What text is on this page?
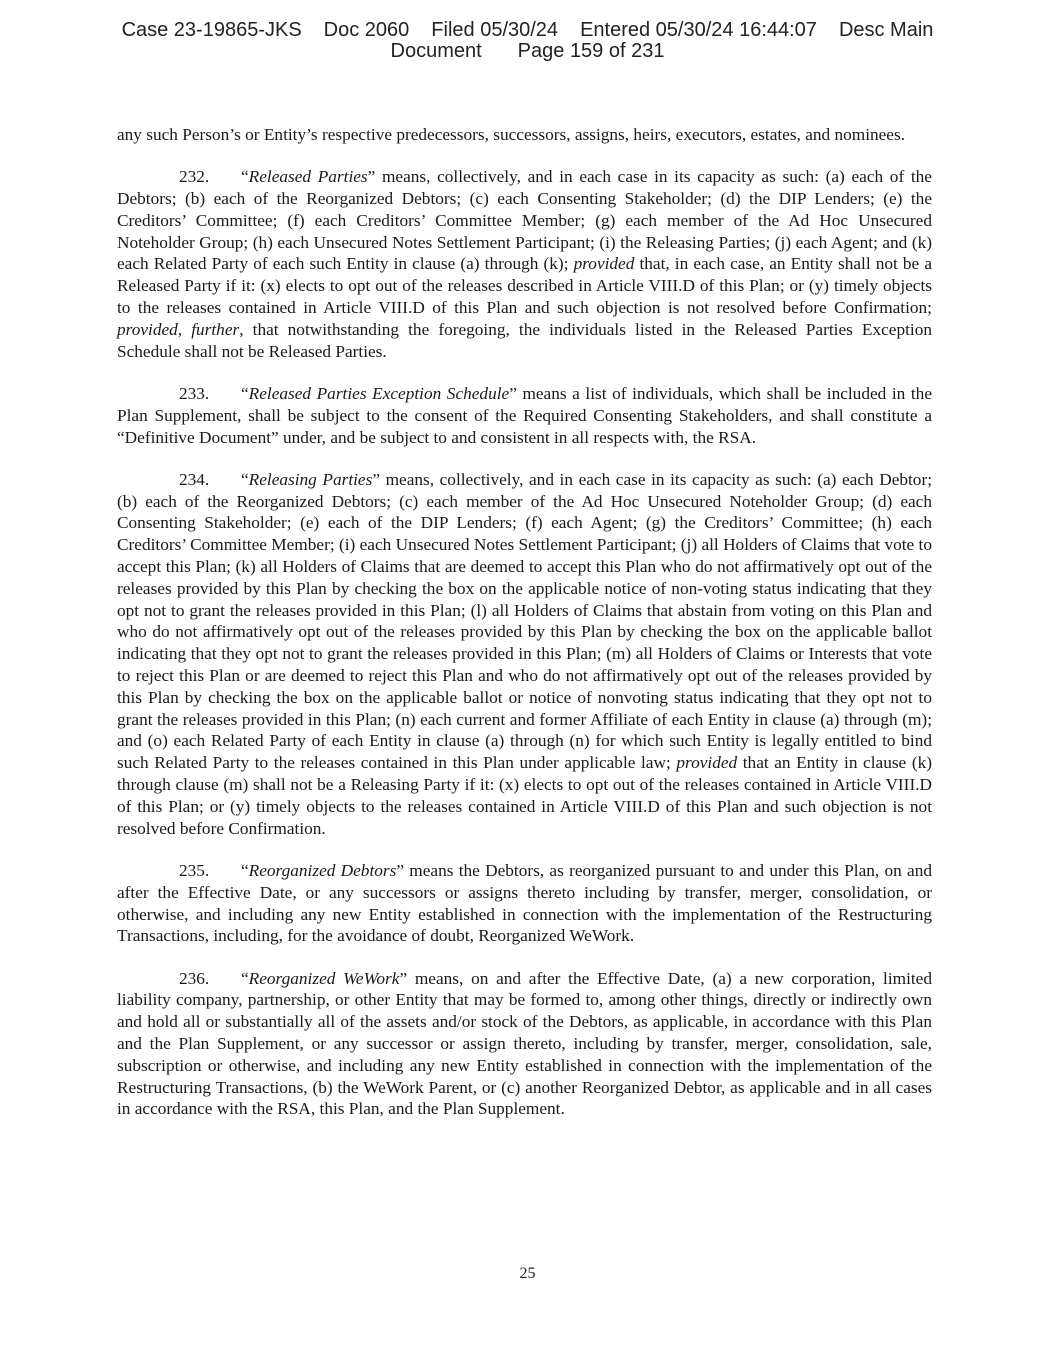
Case 23-19865-JKS Doc 2060 Filed 05/30/24 Entered 05/30/24 16:44:07 Desc Main
Document Page 159 of 231

any such Person’s or Entity’s respective predecessors, successors, assigns, heirs, executors, estates, and nominees.

232. “Released Parties” means, collectively, and in each case in its capacity as such: (a) each of the Debtors; (b) each of the Reorganized Debtors; (c) each Consenting Stakeholder; (d) the DIP Lenders; (e) the Creditors’ Committee; (f) each Creditors’ Committee Member; (g) each member of the Ad Hoc Unsecured Noteholder Group; (h) each Unsecured Notes Settlement Participant; (i) the Releasing Parties; (j) each Agent; and (k) each Related Party of each such Entity in clause (a) through (k); provided that, in each case, an Entity shall not be a Released Party if it: (x) elects to opt out of the releases described in Article VIII.D of this Plan; or (y) timely objects to the releases contained in Article VIII.D of this Plan and such objection is not resolved before Confirmation; provided, further, that notwithstanding the foregoing, the individuals listed in the Released Parties Exception Schedule shall not be Released Parties.

233. “Released Parties Exception Schedule” means a list of individuals, which shall be included in the Plan Supplement, shall be subject to the consent of the Required Consenting Stakeholders, and shall constitute a “Definitive Document” under, and be subject to and consistent in all respects with, the RSA.

234. “Releasing Parties” means, collectively, and in each case in its capacity as such: (a) each Debtor; (b) each of the Reorganized Debtors; (c) each member of the Ad Hoc Unsecured Noteholder Group; (d) each Consenting Stakeholder; (e) each of the DIP Lenders; (f) each Agent; (g) the Creditors’ Committee; (h) each Creditors’ Committee Member; (i) each Unsecured Notes Settlement Participant; (j) all Holders of Claims that vote to accept this Plan; (k) all Holders of Claims that are deemed to accept this Plan who do not affirmatively opt out of the releases provided by this Plan by checking the box on the applicable notice of non-voting status indicating that they opt not to grant the releases provided in this Plan; (l) all Holders of Claims that abstain from voting on this Plan and who do not affirmatively opt out of the releases provided by this Plan by checking the box on the applicable ballot indicating that they opt not to grant the releases provided in this Plan; (m) all Holders of Claims or Interests that vote to reject this Plan or are deemed to reject this Plan and who do not affirmatively opt out of the releases provided by this Plan by checking the box on the applicable ballot or notice of nonvoting status indicating that they opt not to grant the releases provided in this Plan; (n) each current and former Affiliate of each Entity in clause (a) through (m); and (o) each Related Party of each Entity in clause (a) through (n) for which such Entity is legally entitled to bind such Related Party to the releases contained in this Plan under applicable law; provided that an Entity in clause (k) through clause (m) shall not be a Releasing Party if it: (x) elects to opt out of the releases contained in Article VIII.D of this Plan; or (y) timely objects to the releases contained in Article VIII.D of this Plan and such objection is not resolved before Confirmation.

235. “Reorganized Debtors” means the Debtors, as reorganized pursuant to and under this Plan, on and after the Effective Date, or any successors or assigns thereto including by transfer, merger, consolidation, or otherwise, and including any new Entity established in connection with the implementation of the Restructuring Transactions, including, for the avoidance of doubt, Reorganized WeWork.

236. “Reorganized WeWork” means, on and after the Effective Date, (a) a new corporation, limited liability company, partnership, or other Entity that may be formed to, among other things, directly or indirectly own and hold all or substantially all of the assets and/or stock of the Debtors, as applicable, in accordance with this Plan and the Plan Supplement, or any successor or assign thereto, including by transfer, merger, consolidation, sale, subscription or otherwise, and including any new Entity established in connection with the implementation of the Restructuring Transactions, (b) the WeWork Parent, or (c) another Reorganized Debtor, as applicable and in all cases in accordance with the RSA, this Plan, and the Plan Supplement.

25
